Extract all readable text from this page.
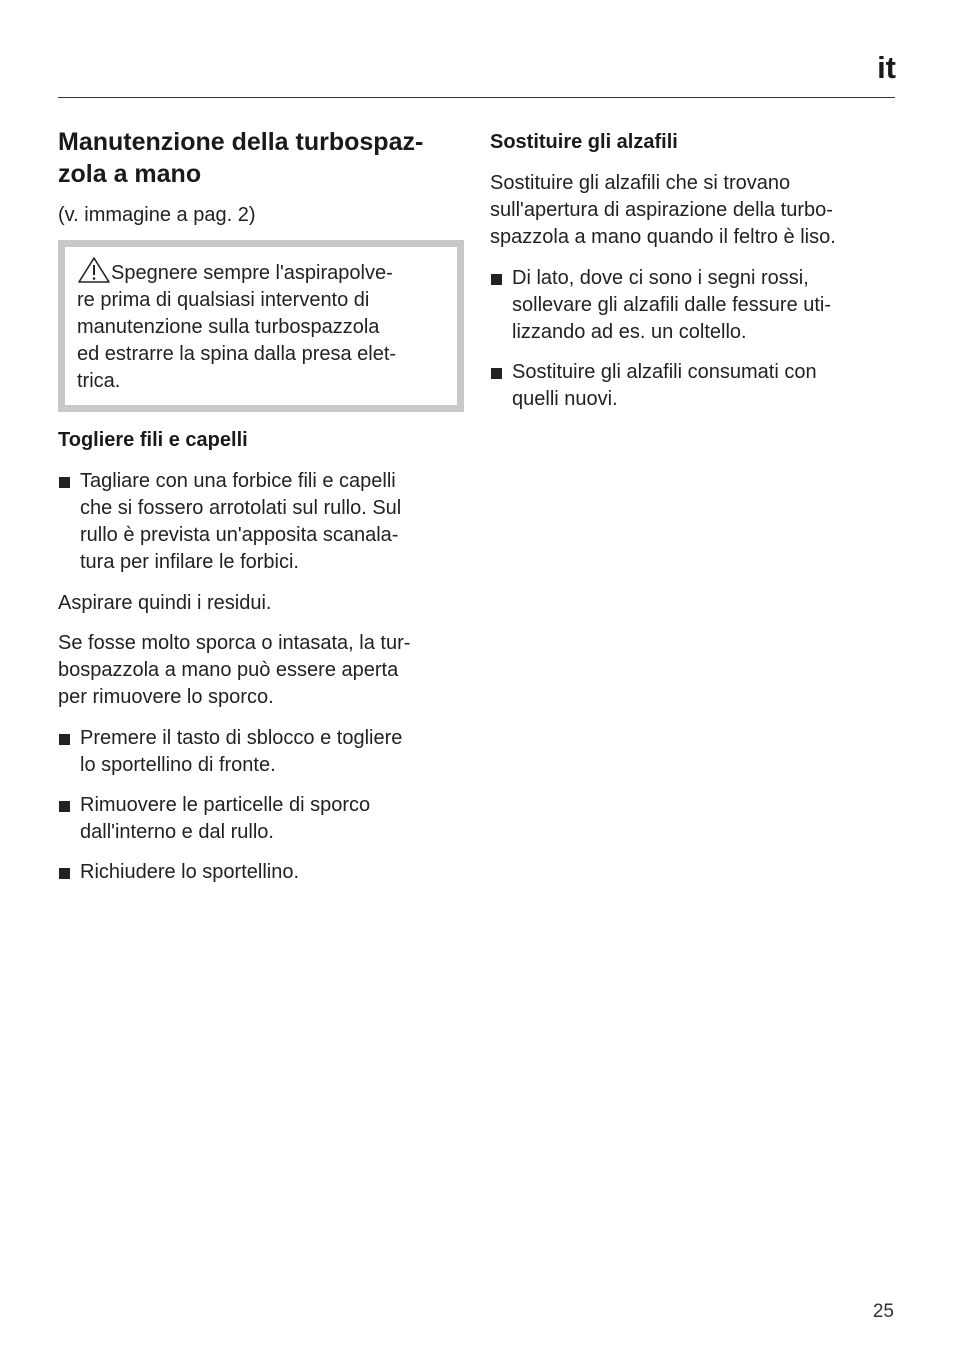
it
Manutenzione della turbospaz-
zola a mano

(v. immagine a pag. 2)

Spegnere sempre l'aspirapolve-
re prima di qualsiasi intervento di
manutenzione sulla turbospazzola
ed estrarre la spina dalla presa elet-
trica.

Togliere fili e capelli

Tagliare con una forbice fili e capelli
che si fossero arrotolati sul rullo. Sul
rullo è prevista un'apposita scanala-
tura per infilare le forbici.

Aspirare quindi i residui.

Se fosse molto sporca o intasata, la tur-
bospazzola a mano può essere aperta
per rimuovere lo sporco.

Premere il tasto di sblocco e togliere
lo sportellino di fronte.
Rimuovere le particelle di sporco
dall'interno e dal rullo.
Richiudere lo sportellino.

Sostituire gli alzafili

Sostituire gli alzafili che si trovano
sull'apertura di aspirazione della turbo-
spazzola a mano quando il feltro è liso.

Di lato, dove ci sono i segni rossi,
sollevare gli alzafili dalle fessure uti-
lizzando ad es. un coltello.
Sostituire gli alzafili consumati con
quelli nuovi.
25
